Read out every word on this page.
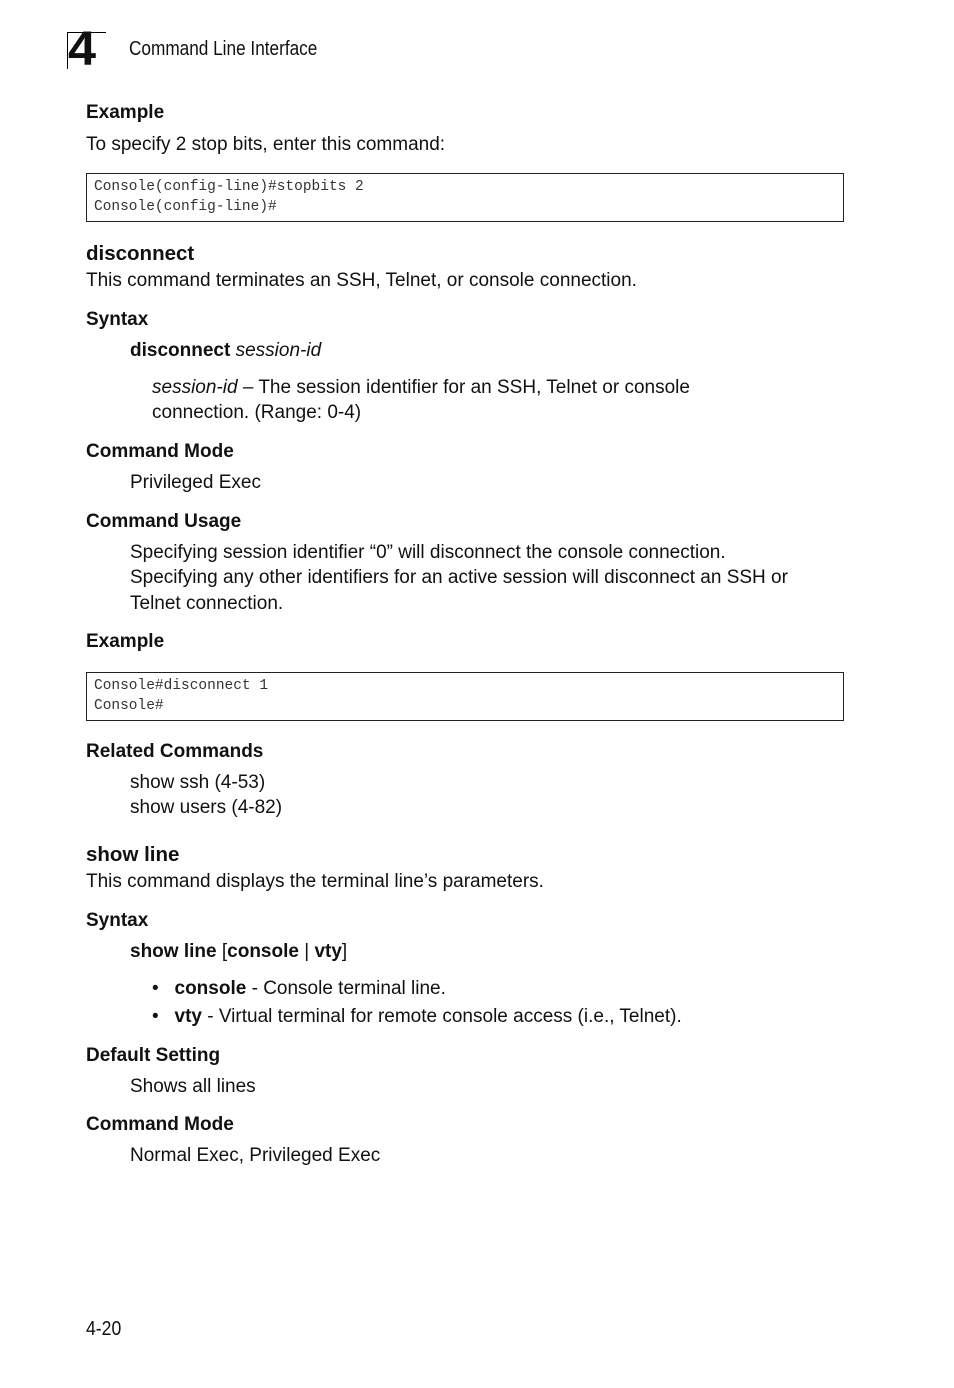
4 Command Line Interface
Example
To specify 2 stop bits, enter this command:
Console(config-line)#stopbits 2
Console(config-line)#
disconnect
This command terminates an SSH, Telnet, or console connection.
Syntax
disconnect session-id
session-id – The session identifier for an SSH, Telnet or console
connection. (Range: 0-4)
Command Mode
Privileged Exec
Command Usage
Specifying session identifier “0” will disconnect the console connection.
Specifying any other identifiers for an active session will disconnect an SSH or
Telnet connection.
Example
Console#disconnect 1
Console#
Related Commands
show ssh (4-53)
show users (4-82)
show line
This command displays the terminal line’s parameters.
Syntax
show line [console | vty]
•   console - Console terminal line.
•   vty - Virtual terminal for remote console access (i.e., Telnet).
Default Setting
Shows all lines
Command Mode
Normal Exec, Privileged Exec
4-20
